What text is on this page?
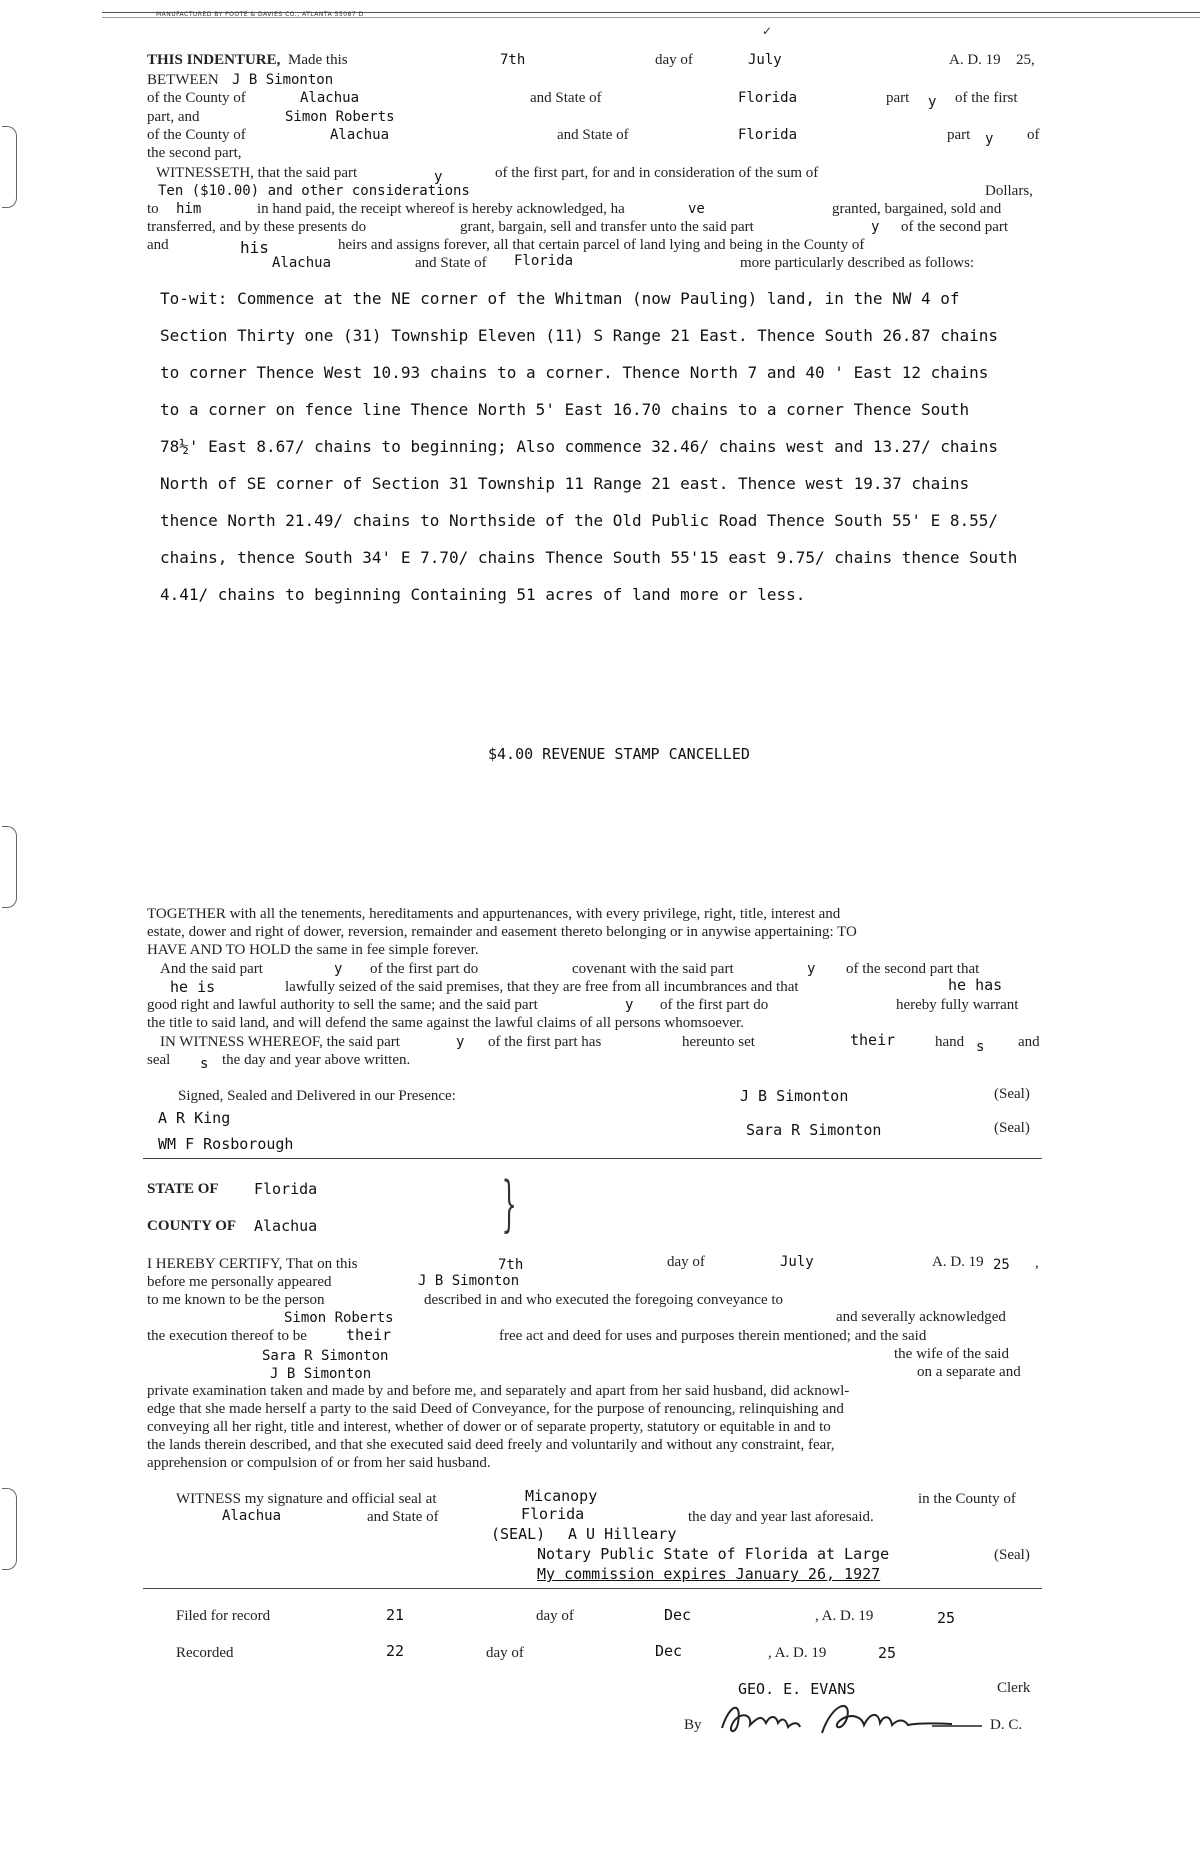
MANUFACTURED BY FOOTE & DAVIES CO., ATLANTA 55087 D
✓
THIS INDENTURE, Made this	7th	day of	July	A. D. 19 25,
BETWEEN J B Simonton
of the County of	Alachua	and State of	Florida	part y of the first
part, and	Simon Roberts
of the County of	Alachua	and State of	Florida	part y of
the second part,
WITNESSETH, that the said part	y	of the first part, for and in consideration of the sum of
Ten ($10.00) and other considerations	Dollars,
to him	in hand paid, the receipt whereof is hereby acknowledged, ha	ve	granted, bargained, sold and
transferred, and by these presents do	grant, bargain, sell and transfer unto the said part	y of the second part
and	his	heirs and assigns forever, all that certain parcel of land lying and being in the County of
Alachua	and State of Florida	more particularly described as follows:
To-wit: Commence at the NE corner of the Whitman (now Pauling) land, in the NW 4 of
Section Thirty one (31) Township Eleven (11) S Range 21 East. Thence South 26.87 chains
to corner Thence West 10.93 chains to a corner. Thence North 7 and 40 ' East 12 chains
to a corner on fence line Thence North 5' East 16.70 chains to a corner Thence South
78½' East 8.67/ chains to beginning; Also commence 32.46/ chains west and 13.27/ chains
North of SE corner of Section 31 Township 11 Range 21 east. Thence west 19.37 chains
thence North 21.49/ chains to Northside of the Old Public Road Thence South 55' E 8.55/
chains, thence South 34' E 7.70/ chains Thence South 55'15 east 9.75/ chains thence South
4.41/ chains to beginning Containing 51 acres of land more or less.
$4.00 REVENUE STAMP CANCELLED
TOGETHER with all the tenements, hereditaments and appurtenances, with every privilege, right, title, interest and
estate, dower and right of dower, reversion, remainder and easement thereto belonging or in anywise appertaining: TO
HAVE AND TO HOLD the same in fee simple forever.
And the said part	y of the first part do	covenant with the said part	y of the second part that
he is	lawfully seized of the said premises, that they are free from all incumbrances and that	he has
good right and lawful authority to sell the same; and the said part	y of the first part do	hereby fully warrant
the title to said land, and will defend the same against the lawful claims of all persons whomsoever.
IN WITNESS WHEREOF, the said part	y of the first part has	hereunto set	their	hand s and
seal s the day and year above written.
Signed, Sealed and Delivered in our Presence:
A R King
WM F Rosborough
J B Simonton
Sara R Simonton
(Seal)
(Seal)
STATE OF Florida
COUNTY OF Alachua	}
I HEREBY CERTIFY, That on this	7th	day of	July	A. D. 19 25 ,
before me personally appeared	J B Simonton
to me known to be the person	described in and who executed the foregoing conveyance to
Simon Roberts	and severally acknowledged
the execution thereof to be	their	free act and deed for uses and purposes therein mentioned; and the said
Sara R Simonton	the wife of the said
J B Simonton	on a separate and
private examination taken and made by and before me, and separately and apart from her said husband, did acknowl-
edge that she made herself a party to the said Deed of Conveyance, for the purpose of renouncing, relinquishing and
conveying all her right, title and interest, whether of dower or of separate property, statutory or equitable in and to
the lands therein described, and that she executed said deed freely and voluntarily and without any constraint, fear,
apprehension or compulsion of or from her said husband.
WITNESS my signature and official seal at	Micanopy	in the County of
Alachua	and State of	Florida	the day and year last aforesaid.
(SEAL) A U Hilleary
Notary Public State of Florida at Large	(Seal)
My commission expires January 26, 1927
Filed for record	21	day of	Dec	, A. D. 19	25
Recorded	22	day of	Dec	, A. D. 19	25
GEO. E. EVANS	Clerk
By	D. C.
